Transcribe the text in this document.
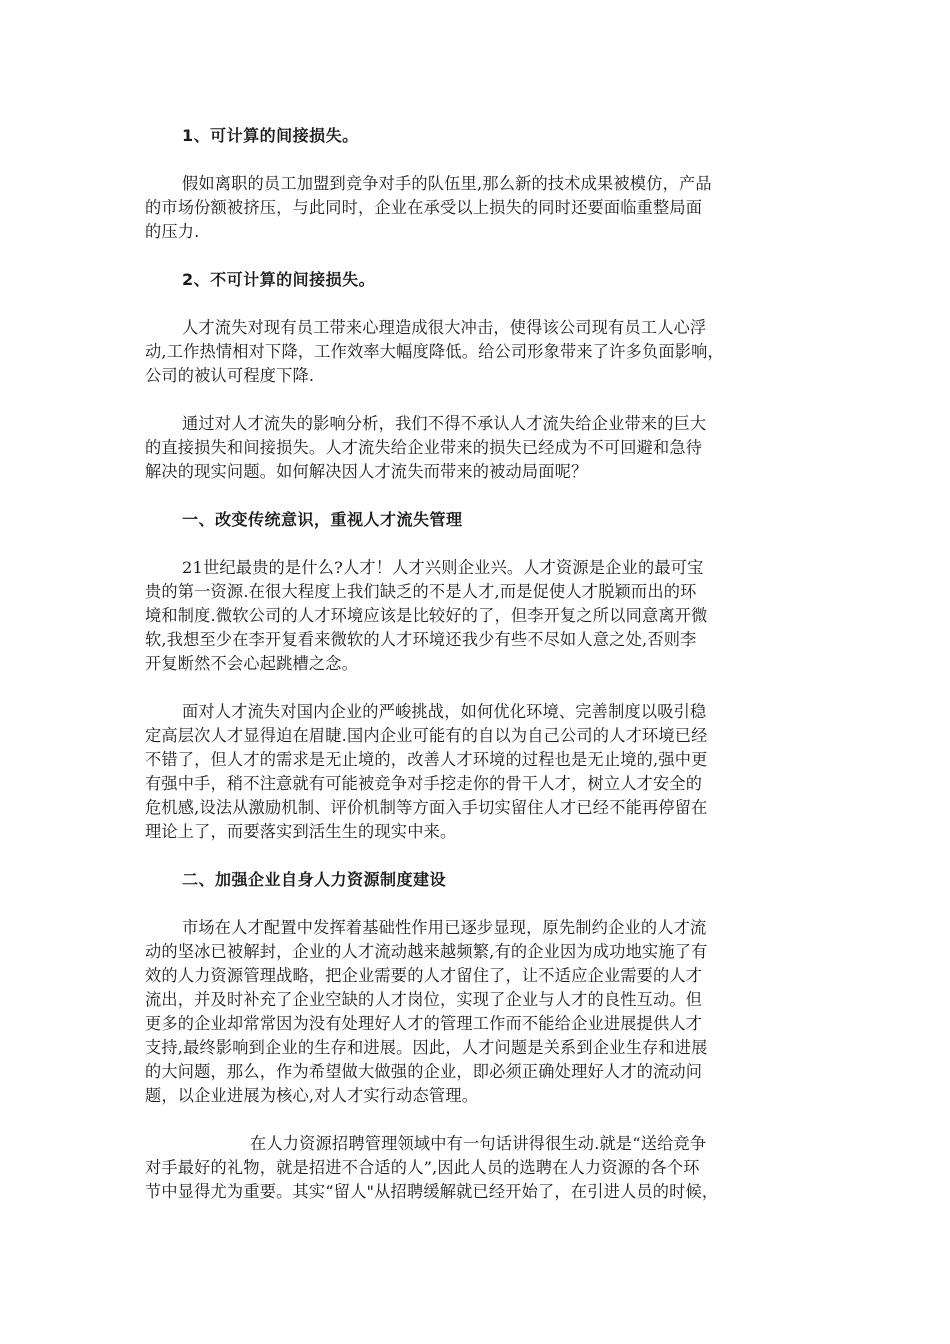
1、可计算的间接损失。
假如离职的员工加盟到竞争对手的队伍里,那么新的技术成果被模仿，产品
的市场份额被挤压，与此同时，企业在承受以上损失的同时还要面临重整局面
的压力.
2、不可计算的间接损失。
人才流失对现有员工带来心理造成很大冲击，使得该公司现有员工人心浮
动,工作热情相对下降，工作效率大幅度降低。给公司形象带来了许多负面影响，
公司的被认可程度下降.
通过对人才流失的影响分析，我们不得不承认人才流失给企业带来的巨大
的直接损失和间接损失。人才流失给企业带来的损失已经成为不可回避和急待
解决的现实问题。如何解决因人才流失而带来的被动局面呢？
一、改变传统意识，重视人才流失管理
21世纪最贵的是什么?人才！人才兴则企业兴。人才资源是企业的最可宝
贵的第一资源.在很大程度上我们缺乏的不是人才,而是促使人才脱颖而出的环
境和制度.微软公司的人才环境应该是比较好的了，但李开复之所以同意离开微
软,我想至少在李开复看来微软的人才环境还我少有些不尽如人意之处,否则李
开复断然不会心起跳槽之念。
面对人才流失对国内企业的严峻挑战，如何优化环境、完善制度以吸引稳
定高层次人才显得迫在眉睫.国内企业可能有的自以为自己公司的人才环境已经
不错了，但人才的需求是无止境的，改善人才环境的过程也是无止境的,强中更
有强中手，稍不注意就有可能被竞争对手挖走你的骨干人才，树立人才安全的
危机感,设法从激励机制、评价机制等方面入手切实留住人才已经不能再停留在
理论上了，而要落实到活生生的现实中来。
二、加强企业自身人力资源制度建设
市场在人才配置中发挥着基础性作用已逐步显现，原先制约企业的人才流
动的坚冰已被解封，企业的人才流动越来越频繁,有的企业因为成功地实施了有
效的人力资源管理战略，把企业需要的人才留住了，让不适应企业需要的人才
流出，并及时补充了企业空缺的人才岗位，实现了企业与人才的良性互动。但
更多的企业却常常因为没有处理好人才的管理工作而不能给企业进展提供人才
支持,最终影响到企业的生存和进展。因此，人才问题是关系到企业生存和进展
的大问题，那么，作为希望做大做强的企业，即必须正确处理好人才的流动问
题，以企业进展为核心,对人才实行动态管理。
在人力资源招聘管理领域中有一句话讲得很生动.就是“送给竞争
对手最好的礼物，就是招进不合适的人”,因此人员的选聘在人力资源的各个环
节中显得尤为重要。其实“留人"从招聘缓解就已经开始了，在引进人员的时候，
